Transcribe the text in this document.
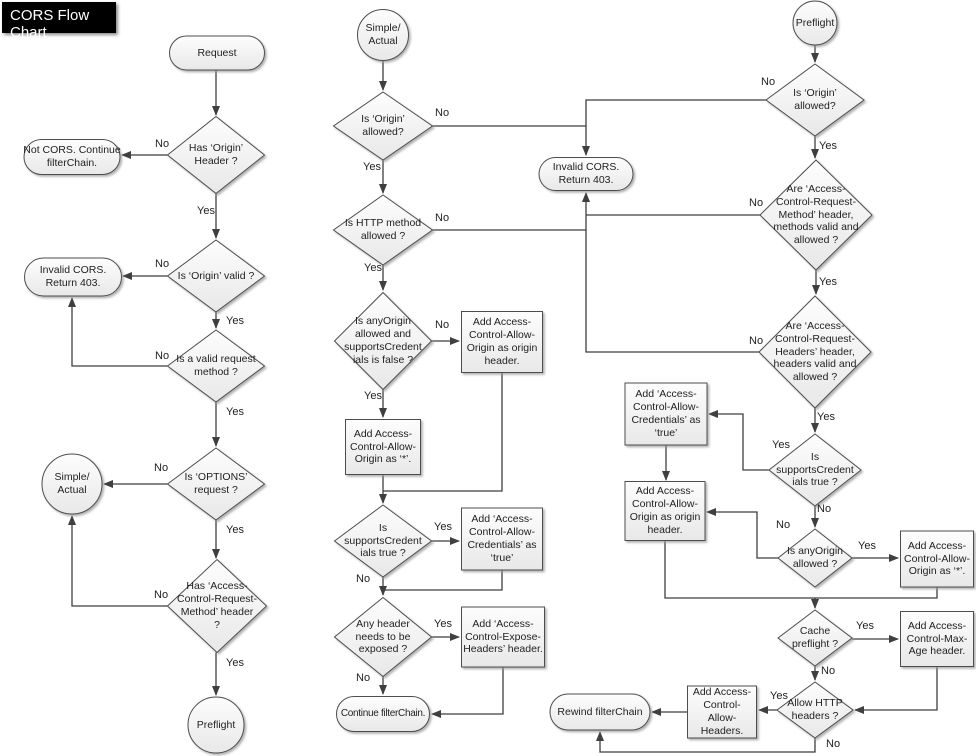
Request
Not CORS. Continue
filterChain.
Has ‘Origin’
Header ?
Invalid CORS.
Return 403.
Is ‘Origin’ valid ?
Is a valid request
method ?
Is ‘OPTIONS’
request ?
Simple/
Actual
Has ‘Access-
Control-Request-
Method’ header
?
Preflight
Simple/
Actual
Is ‘Origin’
allowed?
Invalid CORS.
Return 403.
Is HTTP method
allowed ?
Is anyOrigin
allowed and
supportsCredent
ials is false ?
Add Access-
Control-Allow-
Origin as origin
header.
Add Access-
Control-Allow-
Origin as ‘*’.
Is
supportsCredent
ials true ?
Add ‘Access-
Control-Allow-
Credentials’ as
‘true’
Any header
needs to be
exposed ?
Add ‘Access-
Control-Expose-
Headers’ header.
Continue filterChain.
Preflight
Is ‘Origin’
allowed?
Are ‘Access-
Control-Request-
Method’ header,
methods valid and
allowed ?
Are ‘Access-
Control-Request-
Headers’ header,
headers valid and
allowed ?
Add ‘Access-
Control-Allow-
Credentials’ as
‘true’
Is
supportsCredent
ials true ?
Add Access-
Control-Allow-
Origin as origin
header.
Is anyOrigin
allowed ?
Add Access-
Control-Allow-
Origin as ‘*’.
Cache
preflight ?
Add Access-
Control-Max-
Age header.
Allow HTTP
headers ?
Add Access-
Control-
Allow-
Headers.
Rewind filterChain
No
Yes
No
Yes
No
Yes
No
Yes
No
Yes
No
Yes
No
Yes
No
Yes
Yes
No
Yes
No
No
Yes
No
Yes
No
Yes
Yes
No
No
Yes
Yes
No
Yes
No
CORS Flow Chart
